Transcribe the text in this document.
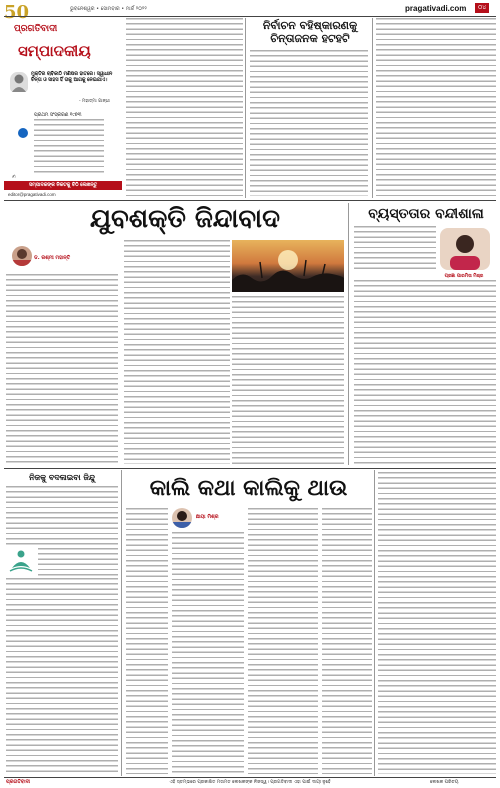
50	ଭୁବନେଶ୍ୱର • ସୋମବାର • ମାର୍ଚ୍ଚ ୨୦୨୨	pragativadi.com	୦୪
ପ୍ରଗତିବାଦୀ
ସମ୍ପାଦକୀୟ
ମୁକ୍ତିର ଚାବିକାଠି ମଣିଷର ହାତରେ। ସ୍ୱାଧୀନ ଚିନ୍ତା ଓ ସାହସ ହିଁ ତାକୁ ଆଗକୁ ନେଇଯାଏ।
- ମହାତ୍ମା ଗାନ୍ଧୀ
ପ୍ରଥମ ସଂସ୍କରଣ ୧୯୭୩
✍
ସମ୍ପାଦକଙ୍କ ନିକଟକୁ ଚିଠି ଲେଖନ୍ତୁ
editor@pragativadi.com
ନିର୍ବାଚନ ବହିଷ୍କାରଣକୁ ଚିନ୍ତାଜନକ ହଟହଟି
ଯୁବଶକ୍ତି ଜିନ୍ଦାବାଦ	ବ୍ୟସ୍ତତାର ବନ୍ଦୀଶାଳା
ଡ. ରଶ୍ମୀ ମହାନ୍ତି
ପ୍ରଜ୍ଞା ପାରମିତା ମିଶ୍ର
ନିଜକୁ ବଦଳାଇବା ଜିନ୍ଦୁ	କାଲି କଥା କାଲିକୁ ଥାଉ
ଛାୟା ମିଶ୍ର
ପ୍ରଗତିବାଦୀ	ଏହି ସ୍ତମ୍ଭରେ ପ୍ରକାଶିତ ମତାମତ ଲେଖକଙ୍କ ନିଜସ୍ୱ। ପ୍ରଗତିବାଦୀ ଏହା ପାଇଁ ଦାୟୀ ନୁହେଁ	ଲେଖକ ପରିଚୟ
